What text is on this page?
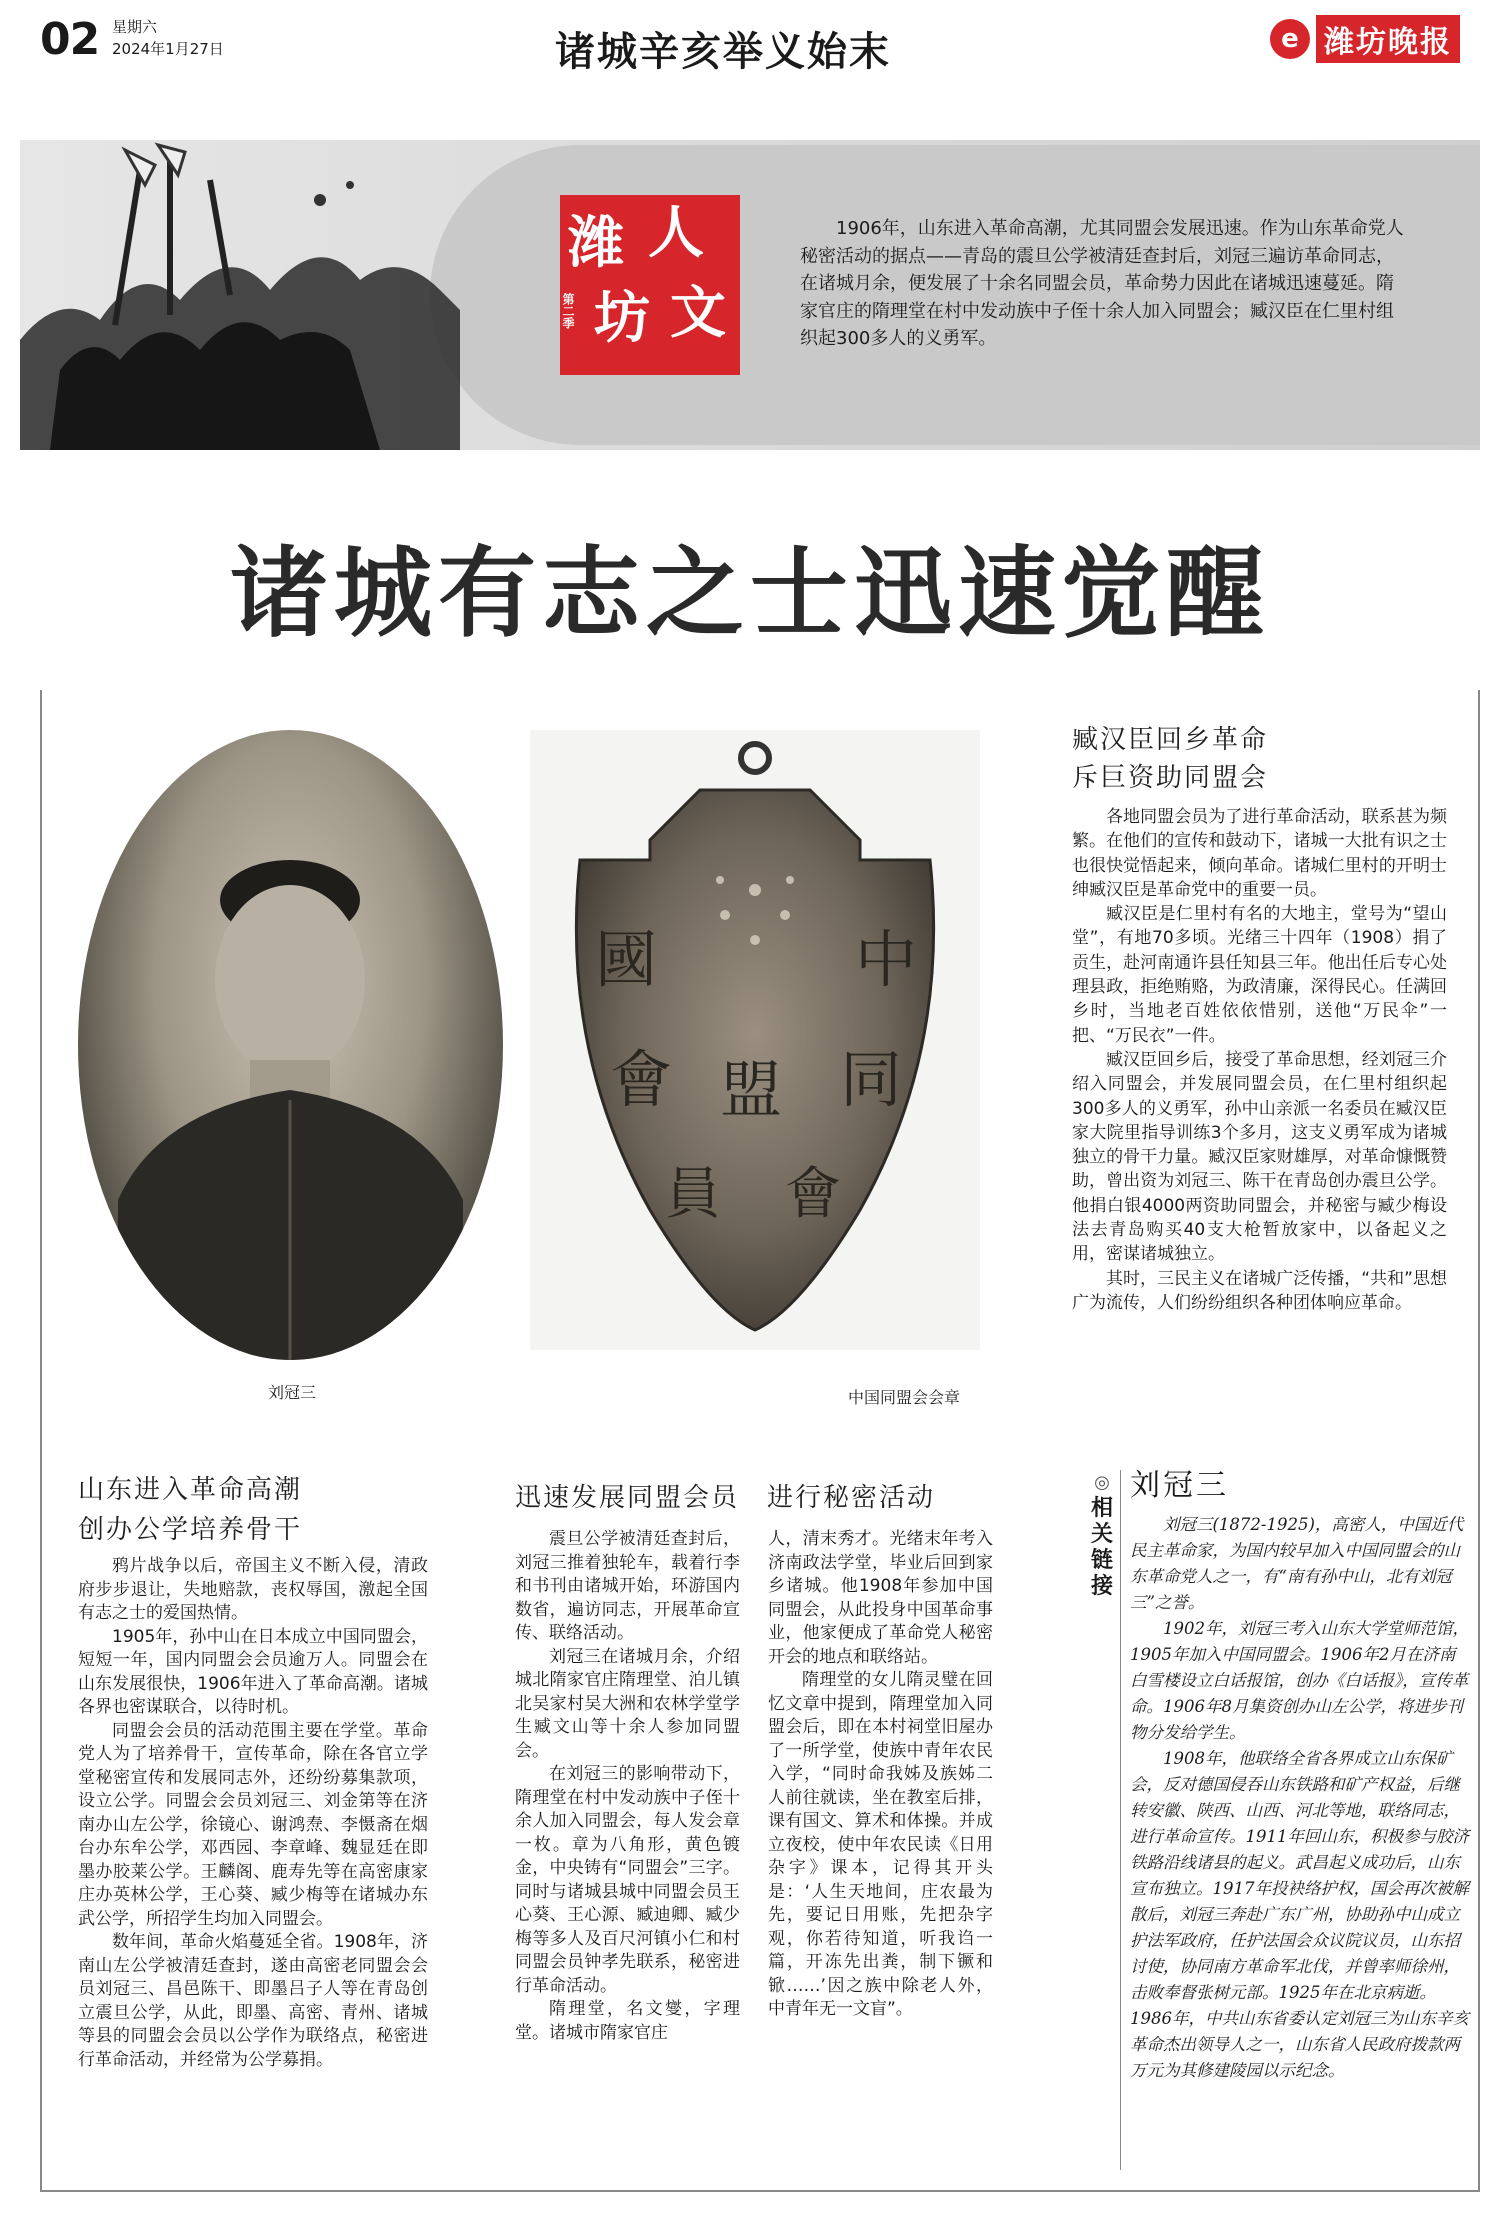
02 星期六
2024年1月27日	诸城辛亥举义始末	e 潍坊晚报
潍
坊
人
文
第二季
1906年，山东进入革命高潮，尤其同盟会发展迅速。作为山东革命党人秘密活动的据点——青岛的震旦公学被清廷查封后，刘冠三遍访革命同志，在诸城月余，便发展了十余名同盟会员，革命势力因此在诸城迅速蔓延。隋家官庄的隋理堂在村中发动族中子侄十余人加入同盟会；臧汉臣在仁里村组织起300多人的义勇军。
诸城有志之士迅速觉醒
刘冠三
中
國
同
盟
會
會
員
中国同盟会会章
臧汉臣回乡革命
斥巨资助同盟会

各地同盟会员为了进行革命活动，联系甚为频繁。在他们的宣传和鼓动下，诸城一大批有识之士也很快觉悟起来，倾向革命。诸城仁里村的开明士绅臧汉臣是革命党中的重要一员。

臧汉臣是仁里村有名的大地主，堂号为“望山堂”，有地70多顷。光绪三十四年（1908）捐了贡生，赴河南通许县任知县三年。他出任后专心处理县政，拒绝贿赂，为政清廉，深得民心。任满回乡时，当地老百姓依依惜别，送他“万民伞”一把、“万民衣”一件。

臧汉臣回乡后，接受了革命思想，经刘冠三介绍入同盟会，并发展同盟会员，在仁里村组织起300多人的义勇军，孙中山亲派一名委员在臧汉臣家大院里指导训练3个多月，这支义勇军成为诸城独立的骨干力量。臧汉臣家财雄厚，对革命慷慨赞助，曾出资为刘冠三、陈干在青岛创办震旦公学。他捐白银4000两资助同盟会，并秘密与臧少梅设法去青岛购买40支大枪暂放家中，以备起义之用，密谋诸城独立。

其时，三民主义在诸城广泛传播，“共和”思想广为流传，人们纷纷组织各种团体响应革命。

山东进入革命高潮
创办公学培养骨干

鸦片战争以后，帝国主义不断入侵，清政府步步退让，失地赔款，丧权辱国，激起全国有志之士的爱国热情。

1905年，孙中山在日本成立中国同盟会，短短一年，国内同盟会会员逾万人。同盟会在山东发展很快，1906年进入了革命高潮。诸城各界也密谋联合，以待时机。

同盟会会员的活动范围主要在学堂。革命党人为了培养骨干，宣传革命，除在各官立学堂秘密宣传和发展同志外，还纷纷募集款项，设立公学。同盟会会员刘冠三、刘金第等在济南办山左公学，徐镜心、谢鸿焘、李慑斋在烟台办东牟公学，邓西园、李章峰、魏显廷在即墨办胶莱公学。王麟阁、鹿寿先等在高密康家庄办英林公学，王心葵、臧少梅等在诸城办东武公学，所招学生均加入同盟会。

数年间，革命火焰蔓延全省。1908年，济南山左公学被清廷查封，遂由高密老同盟会会员刘冠三、昌邑陈干、即墨吕子人等在青岛创立震旦公学，从此，即墨、高密、青州、诸城等县的同盟会会员以公学作为联络点，秘密进行革命活动，并经常为公学募捐。

迅速发展同盟会员　进行秘密活动

震旦公学被清廷查封后，刘冠三推着独轮车，载着行李和书刊由诸城开始，环游国内数省，遍访同志，开展革命宣传、联络活动。

刘冠三在诸城月余，介绍城北隋家官庄隋理堂、泊儿镇北吴家村吴大洲和农林学堂学生臧文山等十余人参加同盟会。

在刘冠三的影响带动下，隋理堂在村中发动族中子侄十余人加入同盟会，每人发会章一枚。章为八角形，黄色镀金，中央铸有“同盟会”三字。同时与诸城县城中同盟会员王心葵、王心源、臧迪卿、臧少梅等多人及百尺河镇小仁和村同盟会员钟孝先联系，秘密进行革命活动。

隋理堂，名文燮，字理堂。诸城市隋家官庄

人，清末秀才。光绪末年考入济南政法学堂，毕业后回到家乡诸城。他1908年参加中国同盟会，从此投身中国革命事业，他家便成了革命党人秘密开会的地点和联络站。

隋理堂的女儿隋灵璧在回忆文章中提到，隋理堂加入同盟会后，即在本村祠堂旧屋办了一所学堂，使族中青年农民入学，“同时命我姊及族姊二人前往就读，坐在教室后排，课有国文、算术和体操。并成立夜校，使中年农民读《日用杂字》课本，记得其开头是：‘人生天地间，庄农最为先，要记日用账，先把杂字观，你若待知道，听我诌一篇，开冻先出粪，制下镢和锨……’因之族中除老人外，中青年无一文盲”。

◎
相
关
链
接
刘冠三

刘冠三(1872-1925)，高密人，中国近代民主革命家，为国内较早加入中国同盟会的山东革命党人之一，有“南有孙中山，北有刘冠三”之誉。

1902年，刘冠三考入山东大学堂师范馆，1905年加入中国同盟会。1906年2月在济南白雪楼设立白话报馆，创办《白话报》，宣传革命。1906年8月集资创办山左公学，将进步刊物分发给学生。

1908年，他联络全省各界成立山东保矿会，反对德国侵吞山东铁路和矿产权益，后继转安徽、陕西、山西、河北等地，联络同志，进行革命宣传。1911年回山东，积极参与胶济铁路沿线诸县的起义。武昌起义成功后，山东宣布独立。1917年投袂络护权，国会再次被解散后，刘冠三奔赴广东广州，协助孙中山成立护法军政府，任护法国会众议院议员，山东招讨使，协同南方革命军北伐，并曾率师徐州，击败奉督张树元部。1925年在北京病逝。1986年，中共山东省委认定刘冠三为山东辛亥革命杰出领导人之一，山东省人民政府拨款两万元为其修建陵园以示纪念。
